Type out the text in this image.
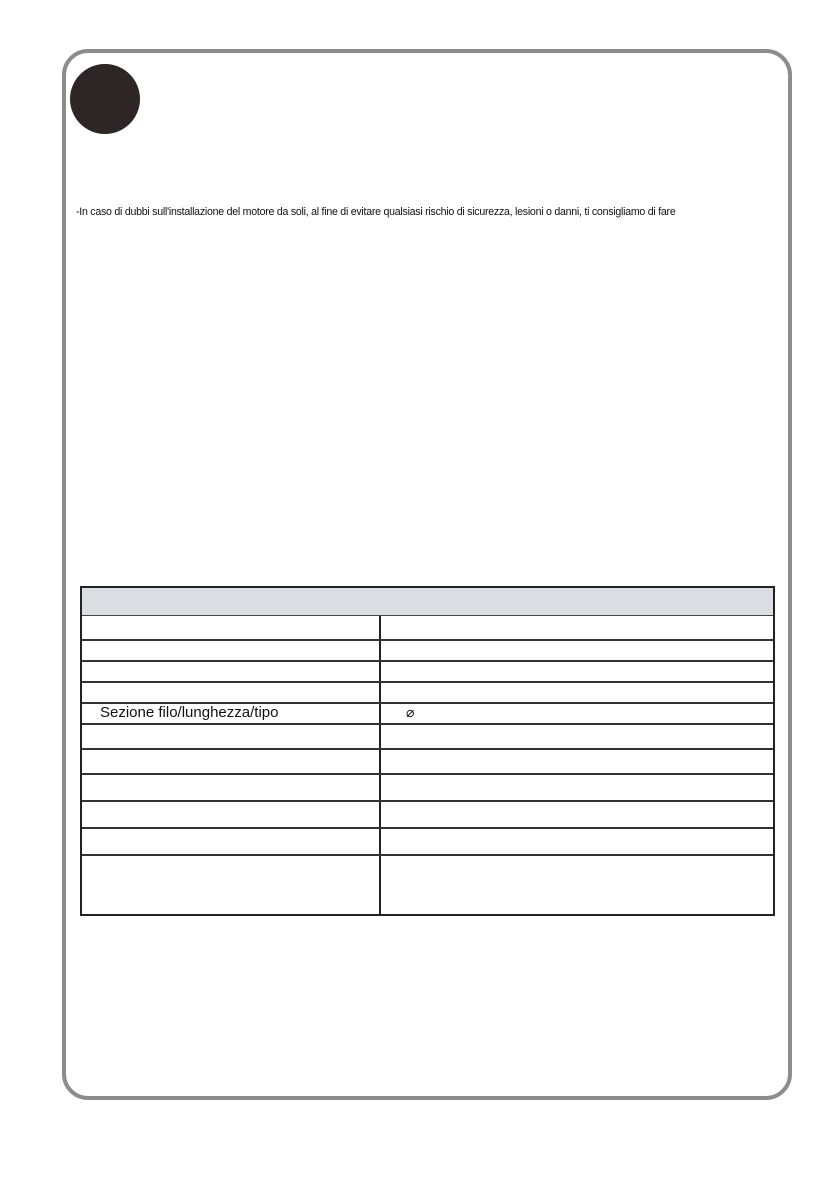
-In caso di dubbi sull'installazione del motore da soli, al fine di evitare qualsiasi rischio di sicurezza, lesioni o danni, ti consigliamo di fare
Sezione filo/lunghezza/tipo	⌀
